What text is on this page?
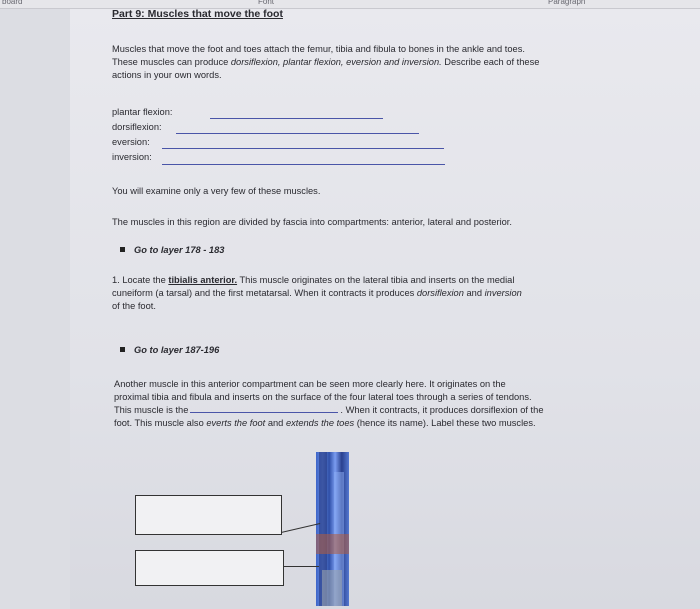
board	Font	Paragraph
Part 9: Muscles that move the foot
Muscles that move the foot and toes attach the femur, tibia and fibula to bones in the ankle and toes.
These muscles can produce dorsiflexion, plantar flexion, eversion and inversion. Describe each of these
actions in your own words.
plantar flexion:
dorsiflexion:
eversion:
inversion:
You will examine only a very few of these muscles.
The muscles in this region are divided by fascia into compartments: anterior, lateral and posterior.
Go to layer 178 - 183
1. Locate the tibialis anterior. This muscle originates on the lateral tibia and inserts on the medial
cuneiform (a tarsal) and the first metatarsal. When it contracts it produces dorsiflexion and inversion
of the foot.
Go to layer 187-196
Another muscle in this anterior compartment can be seen more clearly here. It originates on the
proximal tibia and fibula and inserts on the surface of the four lateral toes through a series of tendons.
This muscle is the	. When it contracts, it produces dorsiflexion of the
foot. This muscle also everts the foot and extends the toes (hence its name). Label these two muscles.
